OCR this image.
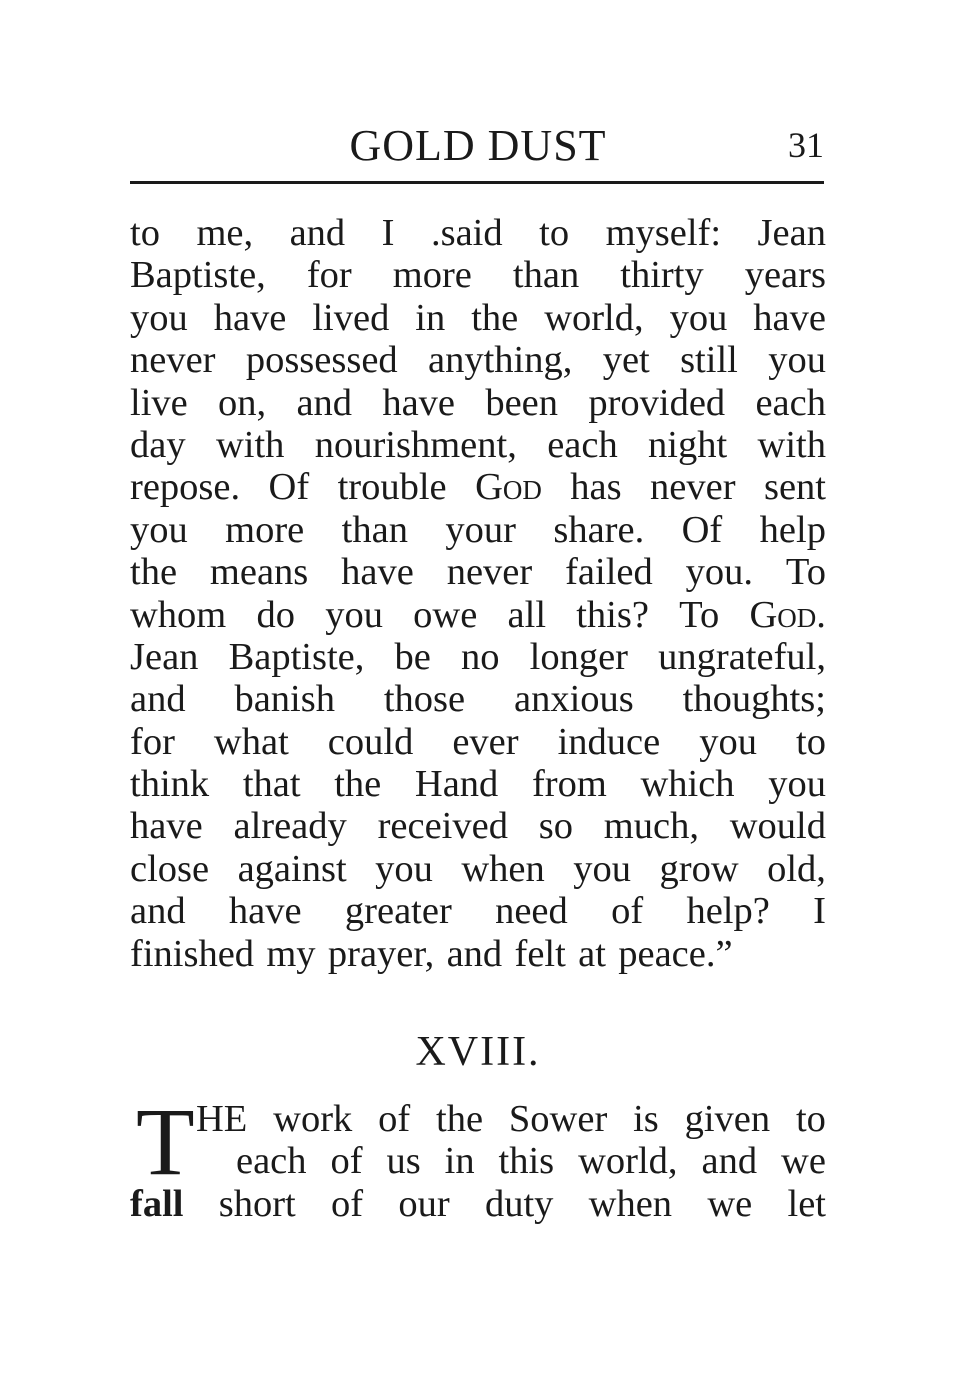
GOLD DUST	31
to me, and I .said to myself: Jean
Baptiste, for more than thirty years
you have lived in the world, you have
never possessed anything, yet still you
live on, and have been provided each
day with nourishment, each night with
repose. Of trouble God has never sent
you more than your share. Of help
the means have never failed you. To
whom do you owe all this? To God.
Jean Baptiste, be no longer ungrateful,
and banish those anxious thoughts;
for what could ever induce you to
think that the Hand from which you
have already received so much, would
close against you when you grow old,
and have greater need of help? I
finished my prayer, and felt at peace.”
XVIII.
T HE work of the Sower is given to
each of us in this world, and we
fall short of our duty when we let
